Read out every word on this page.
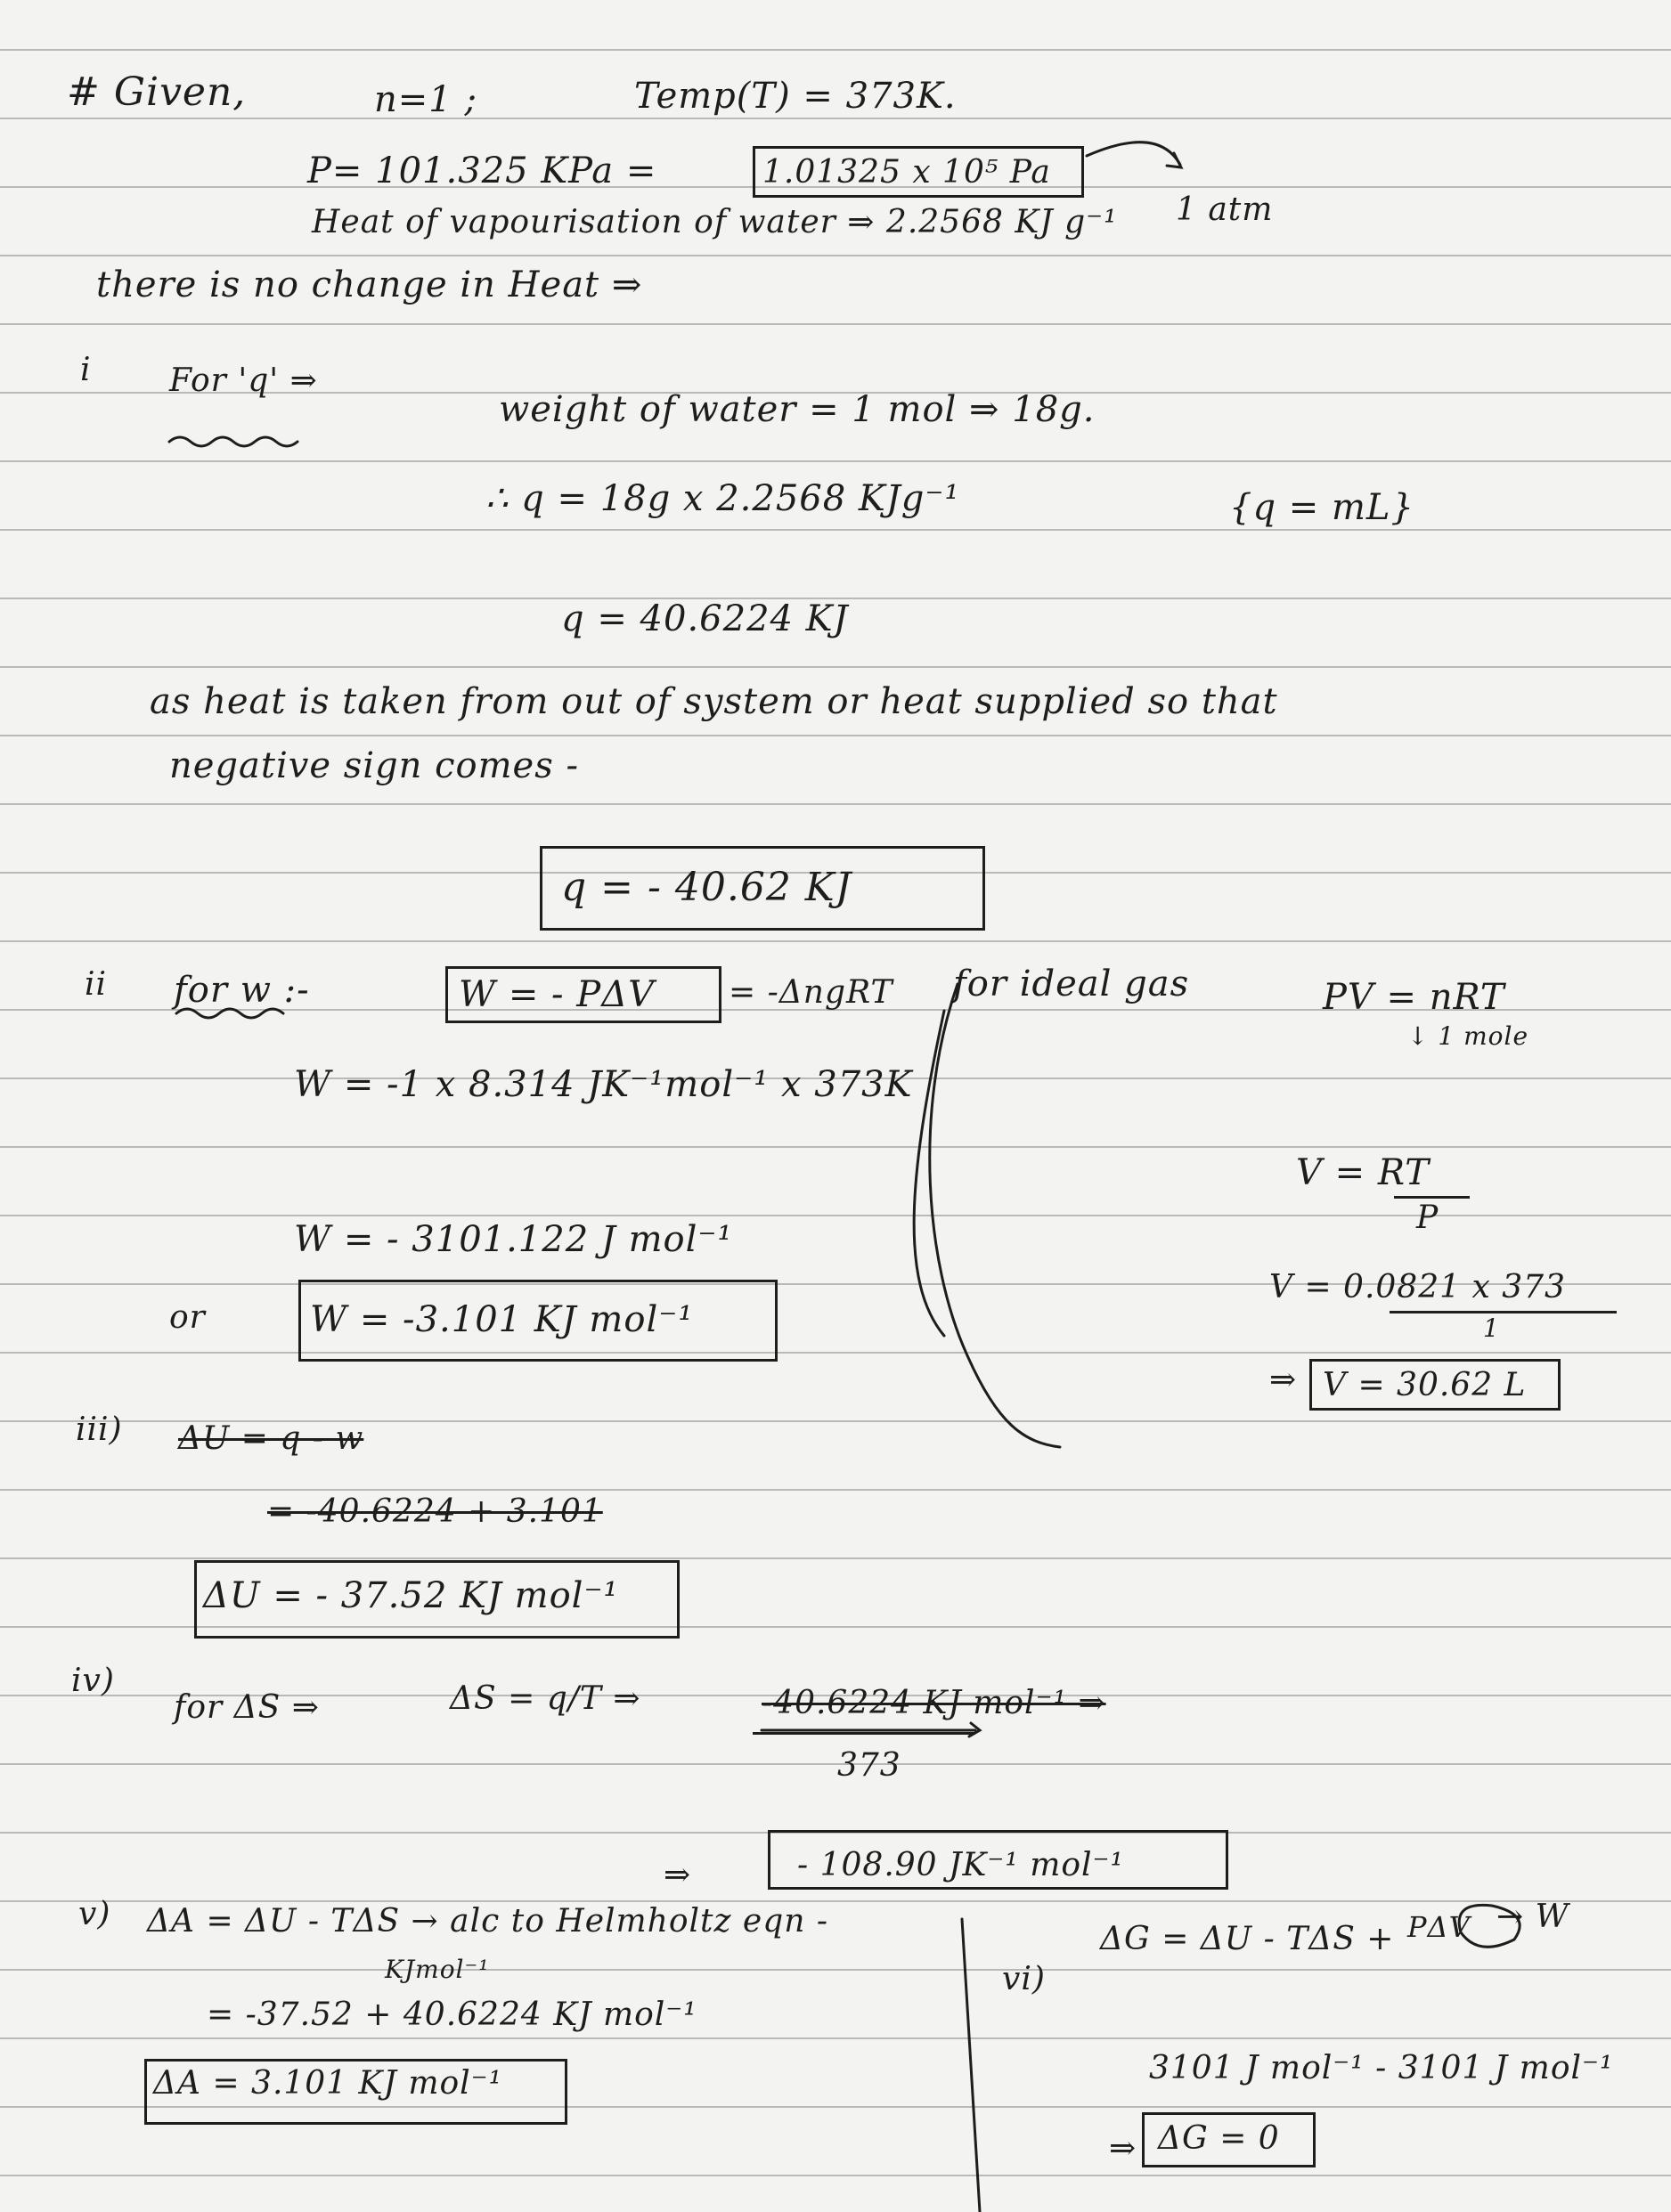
# Given,	n=1 ;	Temp(T) = 373K.
P= 101.325 KPa =	1.01325 x 10⁵ Pa
1 atm
Heat of vapourisation of water ⇒ 2.2568 KJ g⁻¹
there is no change in Heat ⇒
i For 'q' ⇒
weight of water = 1 mol ⇒ 18g.
∴ q = 18g x 2.2568 KJg⁻¹	{q = mL}
q = 40.6224 KJ
as heat is taken from out of system or heat supplied so that
negative sign comes -
q = - 40.62 KJ
ii for w :-	W = - PΔV = -ΔngRT for ideal gas	PV = nRT
↓ 1 mole
W = -1 x 8.314 JK⁻¹mol⁻¹ x 373K
V = RT
P
W = - 3101.122 J mol⁻¹
V = 0.0821 x 373
1
or	W = -3.101 KJ mol⁻¹
⇒ V = 30.62 L
iii) ΔU = q - w
= -40.6224 + 3.101
ΔU = - 37.52 KJ mol⁻¹
iv)
for ΔS ⇒	ΔS = q/T ⇒	-40.6224 KJ mol⁻¹ ⇒
373
⇒	- 108.90 JK⁻¹ mol⁻¹
v) ΔA = ΔU - TΔS → alc to Helmholtz eqn -
KJmol⁻¹
= -37.52 + 40.6224 KJ mol⁻¹
ΔA = 3.101 KJ mol⁻¹
vi)
ΔG = ΔU - TΔS + PΔV → W
3101 J mol⁻¹ - 3101 J mol⁻¹
⇒ ΔG = 0
